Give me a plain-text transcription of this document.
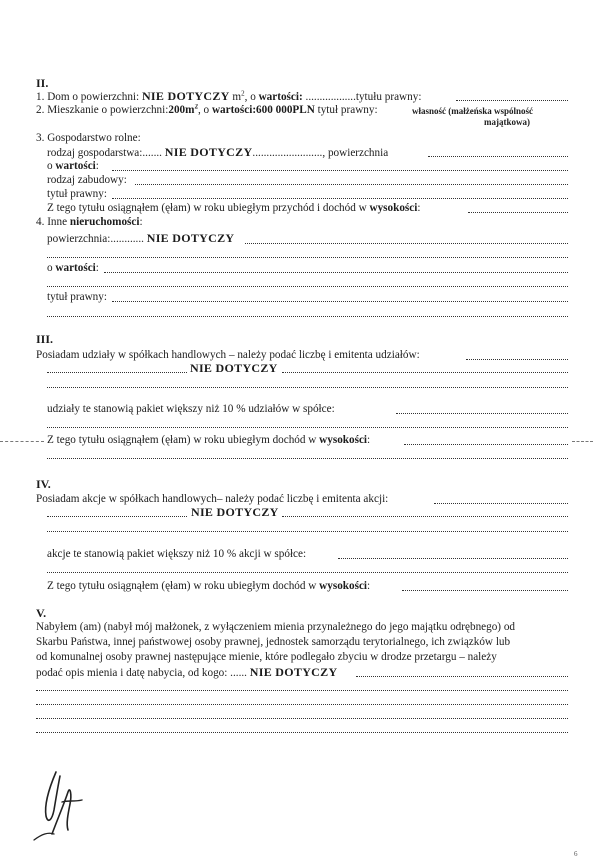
II.
1. Dom o powierzchni: NIE DOTYCZY $m^2$, o wartości: ..................tytułu prawny:
2. Mieszkanie o $powierzchni:200m^2$, o wartości:600 000PLN tytuł prawny:	własność (małżeńska wspólność
majątkowa)
3. Gospodarstwo rolne:
rodzaj gospodarstwa:....... NIE DOTYCZY........................., powierzchnia
o wartości:
rodzaj zabudowy:
tytuł prawny:
Z tego tytułu osiągnąłem (ęłam) w roku ubiegłym przychód i dochód w wysokości:
4. Inne nieruchomości:
powierzchnia:............ NIE DOTYCZY
o wartości:
tytuł prawny:
III.
Posiadam udziały w spółkach handlowych – należy podać liczbę i emitenta udziałów:
NIE DOTYCZY
udziały te stanowią pakiet większy niż 10 % udziałów w spółce:
Z tego tytułu osiągnąłem (ęłam) w roku ubiegłym dochód w wysokości:
IV.
Posiadam akcje w spółkach handlowych– należy podać liczbę i emitenta akcji:
NIE DOTYCZY
akcje te stanowią pakiet większy niż 10 % akcji w spółce:
Z tego tytułu osiągnąłem (ęłam) w roku ubiegłym dochód w wysokości:
V.
Nabyłem (am) (nabył mój małżonek, z wyłączeniem mienia przynależnego do jego majątku odrębnego) od
Skarbu Państwa, innej państwowej osoby prawnej, jednostek samorządu terytorialnego, ich związków lub
od komunalnej osoby prawnej następujące mienie, które podlegało zbyciu w drodze przetargu – należy
podać opis mienia i datę nabycia, od kogo: ...... NIE DOTYCZY
6
